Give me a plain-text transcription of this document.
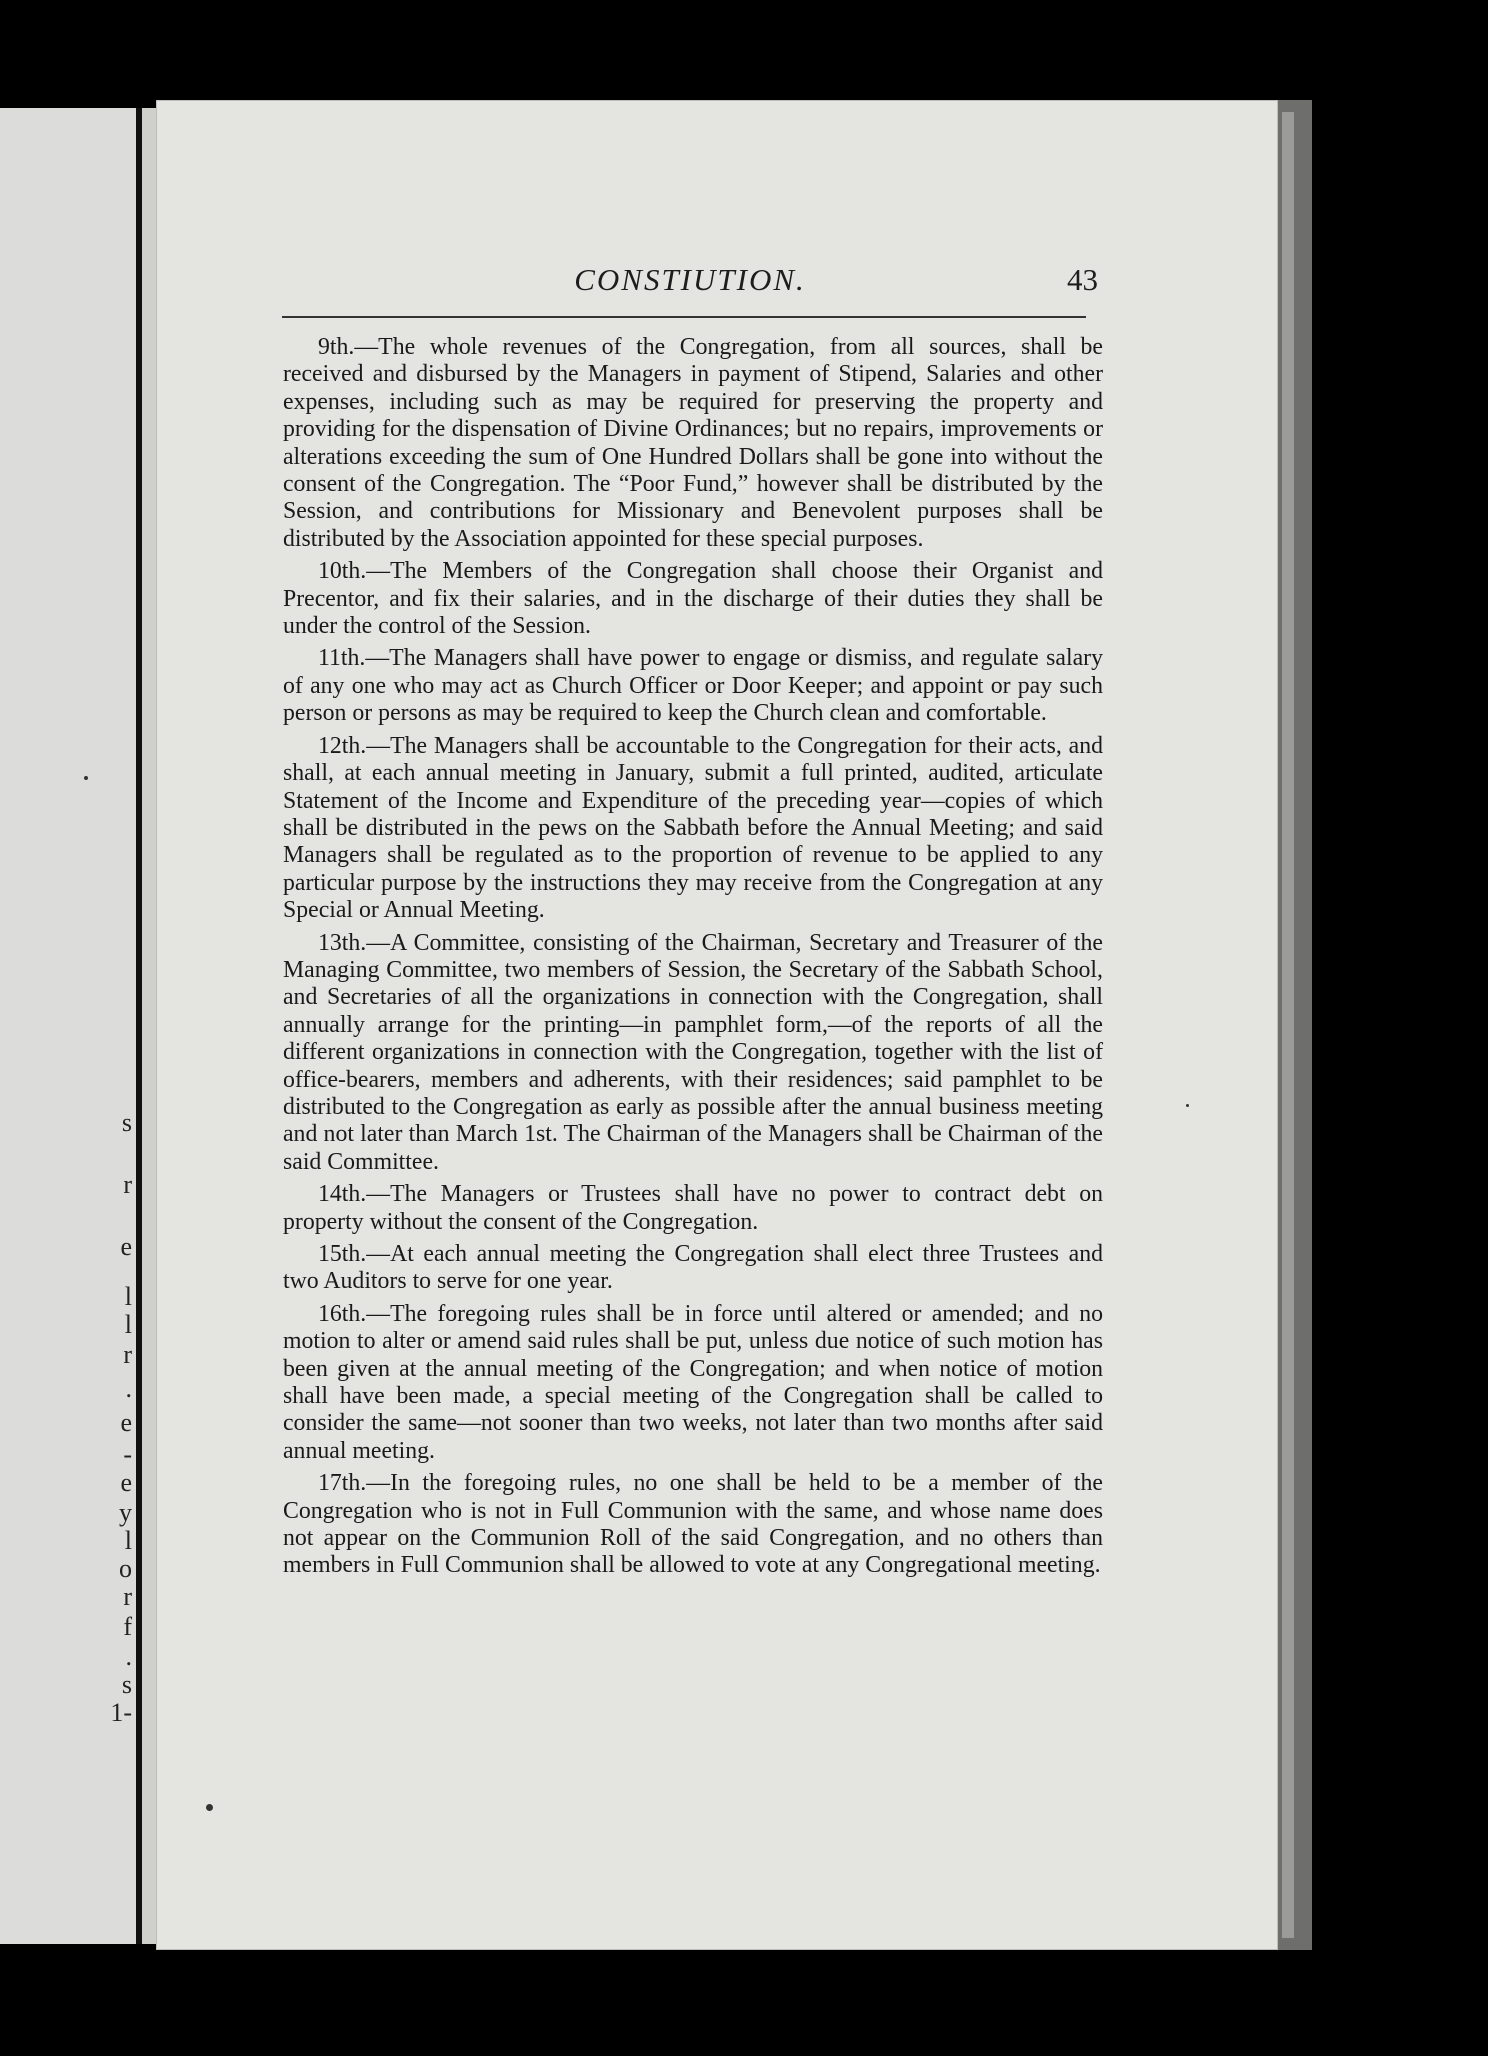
s
r
e
l
l
r
.
e
-
e
y
l
o
r
f
.
s
1-
CONSTIUTION.	43

9th.—The whole revenues of the Congregation, from all sources, shall be received and disbursed by the Managers in payment of Stipend, Salaries and other expenses, including such as may be required for preserving the property and providing for the dispensation of Divine Ordinances; but no repairs, improvements or alterations exceeding the sum of One Hundred Dollars shall be gone into without the consent of the Congregation. The “Poor Fund,” however shall be distributed by the Session, and contributions for Missionary and Benevolent purposes shall be distributed by the Association appointed for these special purposes.

10th.—The Members of the Congregation shall choose their Organist and Precentor, and fix their salaries, and in the discharge of their duties they shall be under the control of the Session.

11th.—The Managers shall have power to engage or dismiss, and regulate salary of any one who may act as Church Officer or Door Keeper; and appoint or pay such person or persons as may be required to keep the Church clean and comfortable.

12th.—The Managers shall be accountable to the Congregation for their acts, and shall, at each annual meeting in January, submit a full printed, audited, articulate Statement of the Income and Expenditure of the preceding year—copies of which shall be distributed in the pews on the Sabbath before the Annual Meeting; and said Managers shall be regulated as to the proportion of revenue to be applied to any particular purpose by the instructions they may receive from the Congregation at any Special or Annual Meeting.

13th.—A Committee, consisting of the Chairman, Secretary and Treasurer of the Managing Committee, two members of Session, the Secretary of the Sabbath School, and Secretaries of all the organizations in connection with the Congregation, shall annually arrange for the printing—in pamphlet form,—of the reports of all the different organizations in connection with the Congregation, together with the list of office-bearers, members and adherents, with their residences; said pamphlet to be distributed to the Congregation as early as possible after the annual business meeting and not later than March 1st. The Chairman of the Managers shall be Chairman of the said Committee.

14th.—The Managers or Trustees shall have no power to contract debt on property without the consent of the Congregation.

15th.—At each annual meeting the Congregation shall elect three Trustees and two Auditors to serve for one year.

16th.—The foregoing rules shall be in force until altered or amended; and no motion to alter or amend said rules shall be put, unless due notice of such motion has been given at the annual meeting of the Congregation; and when notice of motion shall have been made, a special meeting of the Congregation shall be called to consider the same—not sooner than two weeks, not later than two months after said annual meeting.

17th.—In the foregoing rules, no one shall be held to be a member of the Congregation who is not in Full Communion with the same, and whose name does not appear on the Communion Roll of the said Congregation, and no others than members in Full Communion shall be allowed to vote at any Congregational meeting.
